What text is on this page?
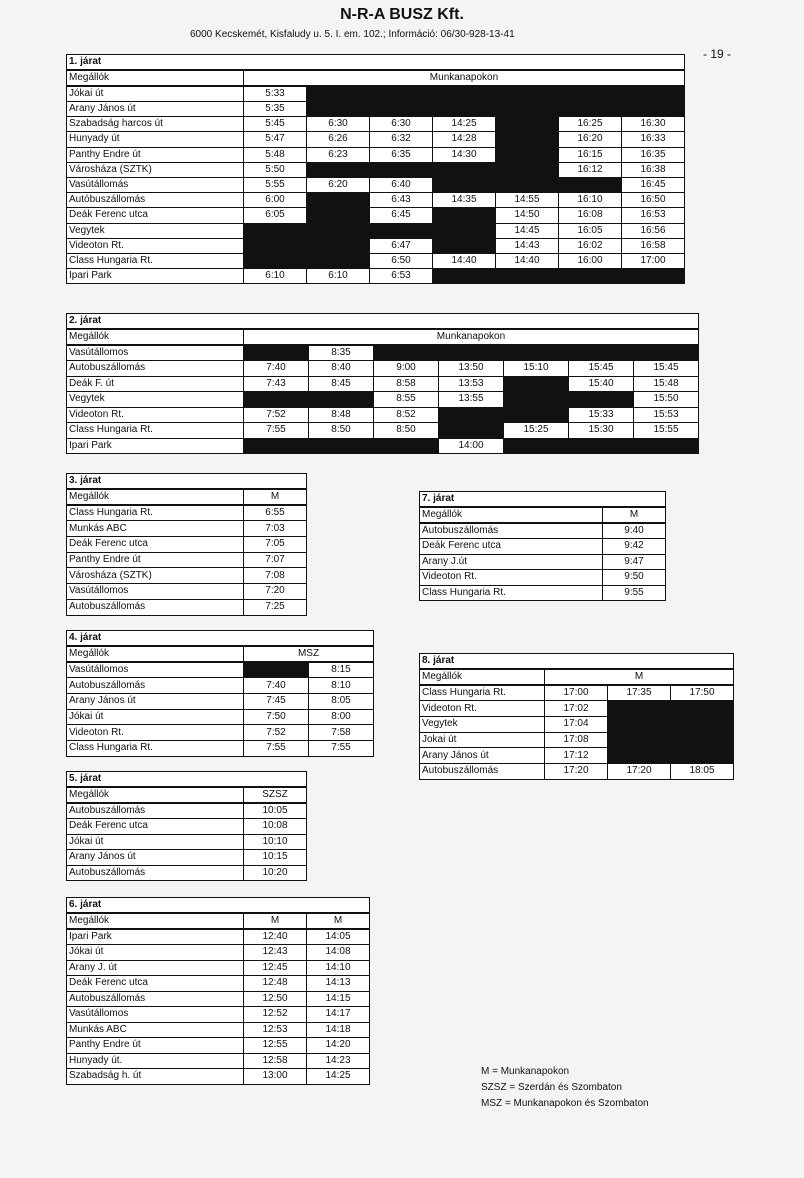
N-R-A BUSZ Kft.
6000 Kecskemét, Kisfaludy u. 5. I. em. 102.; Információ: 06/30-928-13-41
- 19 -
1. járat							
Megállók	Munkanapokon						
Jókai út	5:33						
Arany János út	5:35						
Szabadság harcos út	5:45	6:30	6:30	14:25		16:25	16:30
Hunyady út	5:47	6:26	6:32	14:28		16:20	16:33
Panthy Endre út	5:48	6:23	6:35	14:30		16:15	16:35
Városháza (SZTK)	5:50					16:12	16:38
Vasútállomás	5:55	6:20	6:40				16:45
Autóbuszállomás	6:00		6:43	14:35	14:55	16:10	16:50
Deák Ferenc utca	6:05		6:45		14:50	16:08	16:53
Vegytek					14:45	16:05	16:56
Videoton Rt.			6:47		14:43	16:02	16:58
Class Hungaria Rt.			6:50	14:40	14:40	16:00	17:00
Ipari Park	6:10	6:10	6:53				
2. járat							
Megállók	Munkanapokon						
Vasútállomos		8:35					
Autobuszállomás	7:40	8:40	9:00	13:50	15:10	15:45	15:45
Deák F. út	7:43	8:45	8:58	13:53		15:40	15:48
Vegytek			8:55	13:55			15:50
Videoton Rt.	7:52	8:48	8:52			15:33	15:53
Class Hungaria Rt.	7:55	8:50	8:50		15:25	15:30	15:55
Ipari Park				14:00			
3. járat	
Megállók	M
Class Hungaria Rt.	6:55
Munkás ABC	7:03
Deák Ferenc utca	7:05
Panthy Endre út	7:07
Városháza (SZTK)	7:08
Vasútállomos	7:20
Autobuszállomás	7:25
4. járat		
Megállók	MSZ	
Vasútállomos		8:15
Autobuszállomás	7:40	8:10
Arany János út	7:45	8:05
Jókai út	7:50	8:00
Videoton Rt.	7:52	7:58
Class Hungaria Rt.	7:55	7:55
5. járat	
Megállók	SZSZ
Autobuszállomás	10:05
Deák Ferenc utca	10:08
Jókai út	10:10
Arany János út	10:15
Autobuszállomás	10:20
6. járat		
Megállók	M	M
Ipari Park	12:40	14:05
Jókai út	12:43	14:08
Arany J. út	12:45	14:10
Deák Ferenc utca	12:48	14:13
Autobuszállomás	12:50	14:15
Vasútállomos	12:52	14:17
Munkás ABC	12:53	14:18
Panthy Endre út	12:55	14:20
Hunyady út.	12:58	14:23
Szabadság h. út	13:00	14:25
7. járat	
Megállók	M
Autobuszállomás	9:40
Deák Ferenc utca	9:42
Arany J.út	9:47
Videoton Rt.	9:50
Class Hungaria Rt.	9:55
8. járat			
Megállók	M		
Class Hungaria Rt.	17:00	17:35	17:50
Videoton Rt.	17:02		
Vegytek	17:04		
Jokai út	17:08		
Arany János út	17:12		
Autobuszállomás	17:20	17:20	18:05
M = Munkanapokon
SZSZ = Szerdán és Szombaton
MSZ = Munkanapokon és Szombaton
